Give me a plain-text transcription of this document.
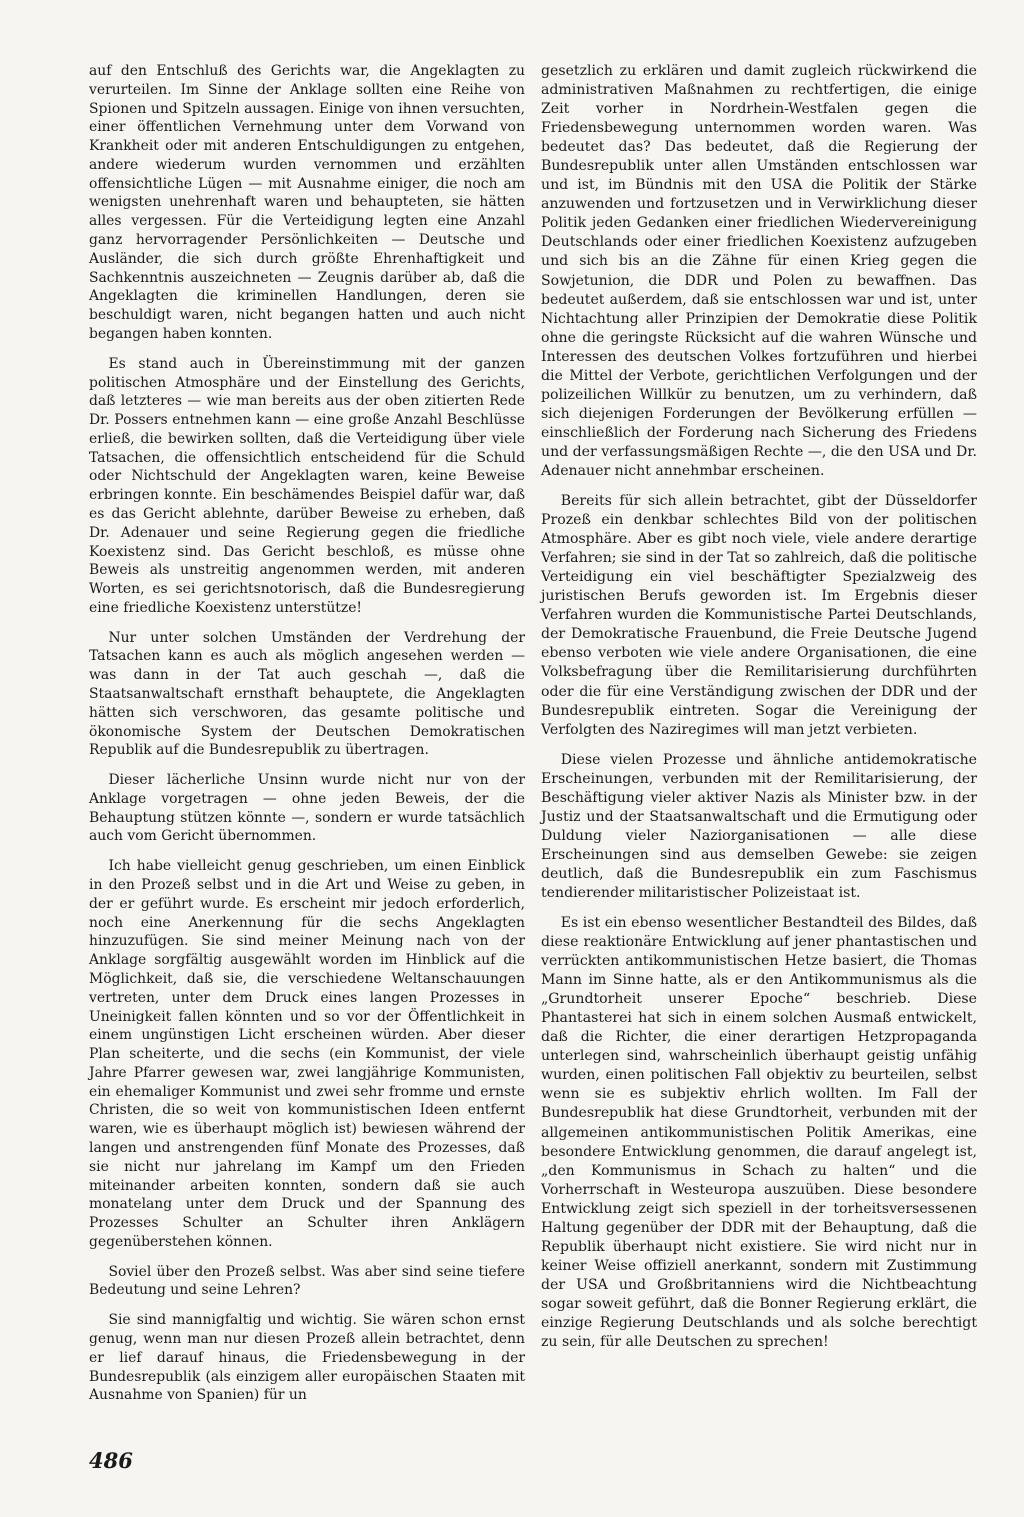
auf den Entschluß des Gerichts war, die Angeklagten zu verurteilen. Im Sinne der Anklage sollten eine Reihe von Spionen und Spitzeln aussagen. Einige von ihnen versuchten, einer öffentlichen Vernehmung unter dem Vorwand von Krankheit oder mit anderen Entschuldigungen zu entgehen, andere wiederum wurden vernommen und erzählten offensichtliche Lügen — mit Ausnahme einiger, die noch am wenigsten unehrenhaft waren und behaupteten, sie hätten alles vergessen. Für die Verteidigung legten eine Anzahl ganz hervorragender Persönlichkeiten — Deutsche und Ausländer, die sich durch größte Ehrenhaftigkeit und Sachkenntnis auszeichneten — Zeugnis darüber ab, daß die Angeklagten die kriminellen Handlungen, deren sie beschuldigt waren, nicht begangen hatten und auch nicht begangen haben konnten.

Es stand auch in Übereinstimmung mit der ganzen politischen Atmosphäre und der Einstellung des Gerichts, daß letzteres — wie man bereits aus der oben zitierten Rede Dr. Possers entnehmen kann — eine große Anzahl Beschlüsse erließ, die bewirken sollten, daß die Verteidigung über viele Tatsachen, die offensichtlich entscheidend für die Schuld oder Nichtschuld der Angeklagten waren, keine Beweise erbringen konnte. Ein beschämendes Beispiel dafür war, daß es das Gericht ablehnte, darüber Beweise zu erheben, daß Dr. Adenauer und seine Regierung gegen die friedliche Koexistenz sind. Das Gericht beschloß, es müsse ohne Beweis als unstreitig angenommen werden, mit anderen Worten, es sei gerichtsnotorisch, daß die Bundesregierung eine friedliche Koexistenz unterstütze!

Nur unter solchen Umständen der Verdrehung der Tatsachen kann es auch als möglich angesehen werden — was dann in der Tat auch geschah —, daß die Staatsanwaltschaft ernsthaft behauptete, die Angeklagten hätten sich verschworen, das gesamte politische und ökonomische System der Deutschen Demokratischen Republik auf die Bundesrepublik zu übertragen.

Dieser lächerliche Unsinn wurde nicht nur von der Anklage vorgetragen — ohne jeden Beweis, der die Behauptung stützen könnte —, sondern er wurde tatsächlich auch vom Gericht übernommen.

Ich habe vielleicht genug geschrieben, um einen Einblick in den Prozeß selbst und in die Art und Weise zu geben, in der er geführt wurde. Es erscheint mir jedoch erforderlich, noch eine Anerkennung für die sechs Angeklagten hinzuzufügen. Sie sind meiner Meinung nach von der Anklage sorgfältig ausgewählt worden im Hinblick auf die Möglichkeit, daß sie, die verschiedene Weltanschauungen vertreten, unter dem Druck eines langen Prozesses in Uneinigkeit fallen könnten und so vor der Öffentlichkeit in einem ungünstigen Licht erscheinen würden. Aber dieser Plan scheiterte, und die sechs (ein Kommunist, der viele Jahre Pfarrer gewesen war, zwei langjährige Kommunisten, ein ehemaliger Kommunist und zwei sehr fromme und ernste Christen, die so weit von kommunistischen Ideen entfernt waren, wie es überhaupt möglich ist) bewiesen während der langen und anstrengenden fünf Monate des Prozesses, daß sie nicht nur jahrelang im Kampf um den Frieden miteinander arbeiten konnten, sondern daß sie auch monatelang unter dem Druck und der Spannung des Prozesses Schulter an Schulter ihren Anklägern gegenüberstehen können.

Soviel über den Prozeß selbst. Was aber sind seine tiefere Bedeutung und seine Lehren?

Sie sind mannigfaltig und wichtig. Sie wären schon ernst genug, wenn man nur diesen Prozeß allein betrachtet, denn er lief darauf hinaus, die Friedensbewegung in der Bundesrepublik (als einzigem aller europäischen Staaten mit Ausnahme von Spanien) für un

gesetzlich zu erklären und damit zugleich rückwirkend die administrativen Maßnahmen zu rechtfertigen, die einige Zeit vorher in Nordrhein-Westfalen gegen die Friedensbewegung unternommen worden waren. Was bedeutet das? Das bedeutet, daß die Regierung der Bundesrepublik unter allen Umständen entschlossen war und ist, im Bündnis mit den USA die Politik der Stärke anzuwenden und fortzusetzen und in Verwirklichung dieser Politik jeden Gedanken einer friedlichen Wiedervereinigung Deutschlands oder einer friedlichen Koexistenz aufzugeben und sich bis an die Zähne für einen Krieg gegen die Sowjetunion, die DDR und Polen zu bewaffnen. Das bedeutet außerdem, daß sie entschlossen war und ist, unter Nichtachtung aller Prinzipien der Demokratie diese Politik ohne die geringste Rücksicht auf die wahren Wünsche und Interessen des deutschen Volkes fortzuführen und hierbei die Mittel der Verbote, gerichtlichen Verfolgungen und der polizeilichen Willkür zu benutzen, um zu verhindern, daß sich diejenigen Forderungen der Bevölkerung erfüllen — einschließlich der Forderung nach Sicherung des Friedens und der verfassungsmäßigen Rechte —, die den USA und Dr. Adenauer nicht annehmbar erscheinen.

Bereits für sich allein betrachtet, gibt der Düsseldorfer Prozeß ein denkbar schlechtes Bild von der politischen Atmosphäre. Aber es gibt noch viele, viele andere derartige Verfahren; sie sind in der Tat so zahlreich, daß die politische Verteidigung ein viel beschäftigter Spezialzweig des juristischen Berufs geworden ist. Im Ergebnis dieser Verfahren wurden die Kommunistische Partei Deutschlands, der Demokratische Frauenbund, die Freie Deutsche Jugend ebenso verboten wie viele andere Organisationen, die eine Volksbefragung über die Remilitarisierung durchführten oder die für eine Verständigung zwischen der DDR und der Bundesrepublik eintreten. Sogar die Vereinigung der Verfolgten des Naziregimes will man jetzt verbieten.

Diese vielen Prozesse und ähnliche antidemokratische Erscheinungen, verbunden mit der Remilitarisierung, der Beschäftigung vieler aktiver Nazis als Minister bzw. in der Justiz und der Staatsanwaltschaft und die Ermutigung oder Duldung vieler Naziorganisationen — alle diese Erscheinungen sind aus demselben Gewebe: sie zeigen deutlich, daß die Bundesrepublik ein zum Faschismus tendierender militaristischer Polizeistaat ist.

Es ist ein ebenso wesentlicher Bestandteil des Bildes, daß diese reaktionäre Entwicklung auf jener phantastischen und verrückten antikommunistischen Hetze basiert, die Thomas Mann im Sinne hatte, als er den Antikommunismus als die „Grundtorheit unserer Epoche“ beschrieb. Diese Phantasterei hat sich in einem solchen Ausmaß entwickelt, daß die Richter, die einer derartigen Hetzpropaganda unterlegen sind, wahrscheinlich überhaupt geistig unfähig wurden, einen politischen Fall objektiv zu beurteilen, selbst wenn sie es subjektiv ehrlich wollten. Im Fall der Bundesrepublik hat diese Grundtorheit, verbunden mit der allgemeinen antikommunistischen Politik Amerikas, eine besondere Entwicklung genommen, die darauf angelegt ist, „den Kommunismus in Schach zu halten“ und die Vorherrschaft in Westeuropa auszuüben. Diese besondere Entwicklung zeigt sich speziell in der torheitsversessenen Haltung gegenüber der DDR mit der Behauptung, daß die Republik überhaupt nicht existiere. Sie wird nicht nur in keiner Weise offiziell anerkannt, sondern mit Zustimmung der USA und Großbritanniens wird die Nichtbeachtung sogar soweit geführt, daß die Bonner Regierung erklärt, die einzige Regierung Deutschlands und als solche berechtigt zu sein, für alle Deutschen zu sprechen!

486
